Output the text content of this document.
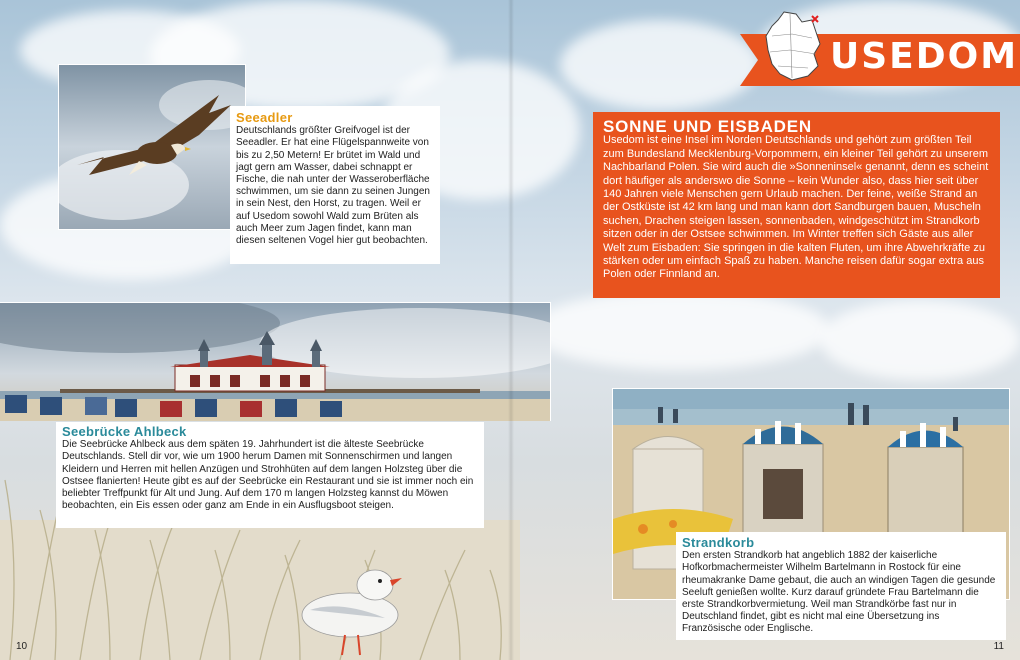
Seeadler

Deutschlands größter Greifvogel ist der Seeadler. Er hat eine Flügelspannweite von bis zu 2,50 Metern! Er brütet im Wald und jagt gern am Wasser, dabei schnappt er Fische, die nah unter der Wasseroberfläche schwimmen, um sie dann zu seinen Jungen in sein Nest, den Horst, zu tragen. Weil er auf Usedom sowohl Wald zum Brüten als auch Meer zum Jagen findet, kann man diesen seltenen Vogel hier gut beobachten.

Seebrücke Ahlbeck

Die Seebrücke Ahlbeck aus dem späten 19. Jahrhundert ist die älteste Seebrücke Deutschlands. Stell dir vor, wie um 1900 herum Damen mit Sonnenschirmen und langen Kleidern und Herren mit hellen Anzügen und Strohhüten auf dem langen Holzsteg über die Ostsee flanierten! Heute gibt es auf der Seebrücke ein Restaurant und sie ist immer noch ein beliebter Treffpunkt für Alt und Jung. Auf dem 170 m langen Holzsteg kannst du Möwen beobachten, ein Eis essen oder ganz am Ende in ein Ausflugsboot steigen.

Strandkorb

Den ersten Strandkorb hat angeblich 1882 der kaiserliche Hofkorbmachermeister Wilhelm Bartelmann in Rostock für eine rheumakranke Dame gebaut, die auch an windigen Tagen die gesunde Seeluft genießen wollte. Kurz darauf gründete Frau Bartelmann die erste Strandkorbvermietung. Weil man Strandkörbe fast nur in Deutschland findet, gibt es nicht mal eine Übersetzung ins Französische oder Englische.

SONNE UND EISBADEN

Usedom ist eine Insel im Norden Deutschlands und gehört zum größten Teil zum Bundesland Mecklenburg-Vorpommern, ein kleiner Teil gehört zu unserem Nachbarland Polen. Sie wird auch die »Sonneninsel« genannt, denn es scheint dort häufiger als anderswo die Sonne – kein Wunder also, dass hier seit über 140 Jahren viele Menschen gern Urlaub machen. Der feine, weiße Strand an der Ostküste ist 42 km lang und man kann dort Sandburgen bauen, Muscheln suchen, Drachen steigen lassen, sonnenbaden, windgeschützt im Strandkorb sitzen oder in der Ostsee schwimmen. Im Winter treffen sich Gäste aus aller Welt zum Eisbaden: Sie springen in die kalten Fluten, um ihre Abwehrkräfte zu stärken oder um einfach Spaß zu haben. Manche reisen dafür sogar extra aus Polen oder Finnland an.

USEDOM
10	11
